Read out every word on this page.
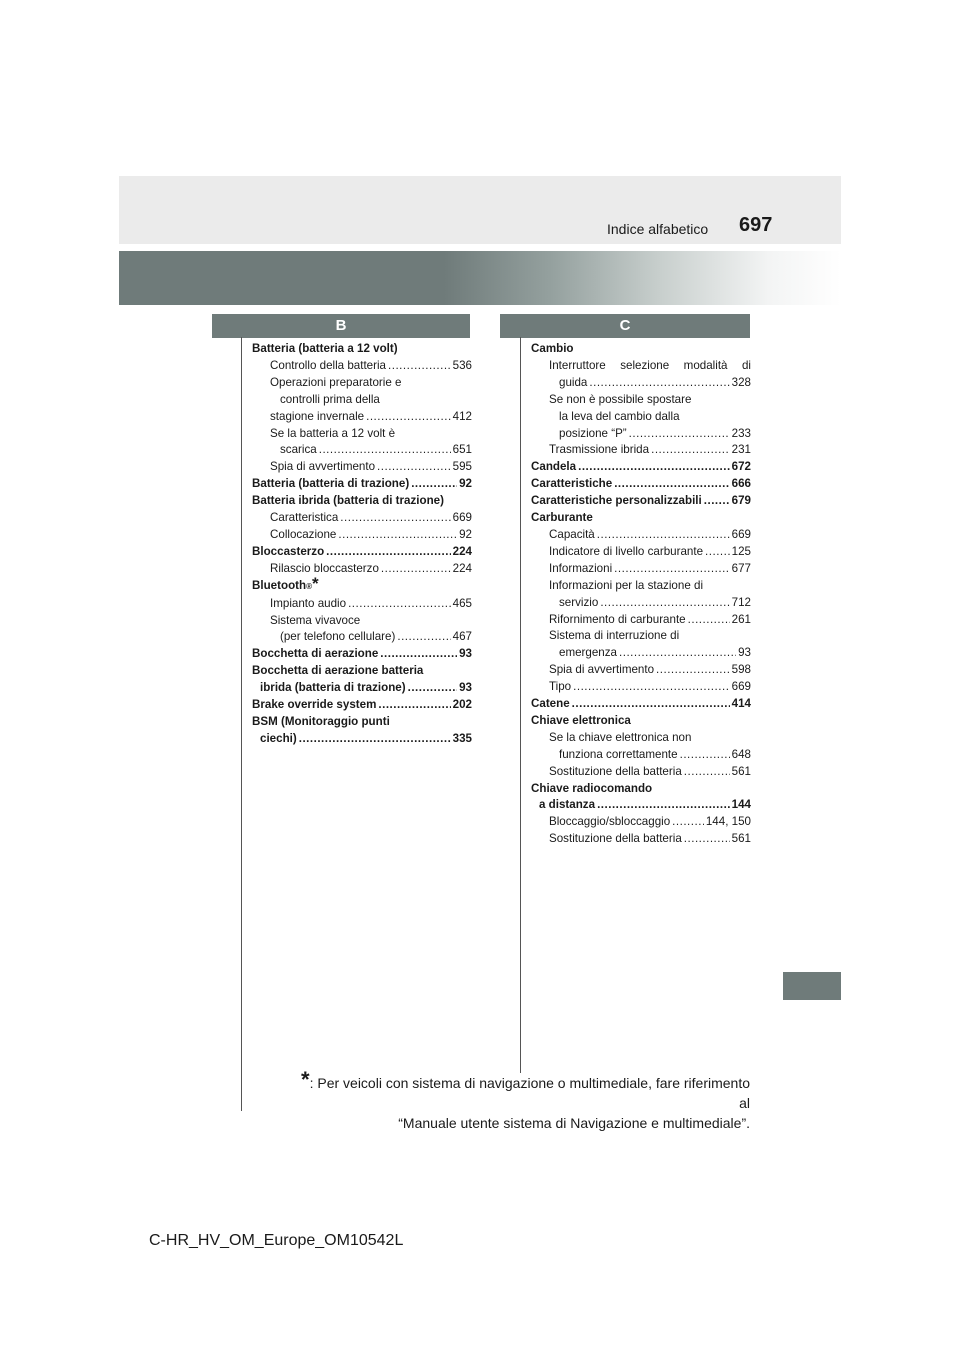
697
Indice alfabetico
B	C
Batteria (batteria a 12 volt)
Controllo della batteria .....	536
Operazioni preparatorie e
controlli prima della
stagione invernale .....	412
Se la batteria a 12 volt è
scarica .....	651
Spia di avvertimento .....	595
Batteria (batteria di trazione) .....	92
Batteria ibrida (batteria di trazione)
Caratteristica .....	669
Collocazione .....	92
Bloccasterzo .....	224
Rilascio bloccasterzo .....	224
Bluetooth ® *
Impianto audio .....	465
Sistema vivavoce
(per telefono cellulare) .....	467
Bocchetta di aerazione .....	93
Bocchetta di aerazione batteria
ibrida (batteria di trazione) .....	93
Brake override system .....	202
BSM (Monitoraggio punti
ciechi) .....	335
Cambio
Interruttore selezione modalità di
guida .....	328
Se non è possibile spostare
la leva del cambio dalla
posizione “P” .....	233
Trasmissione ibrida .....	231
Candela .....	672
Caratteristiche .....	666
Caratteristiche personalizzabili .....	679
Carburante
Capacità .....	669
Indicatore di livello carburante ..... 125
Informazioni .....	677
Informazioni per la stazione di
servizio .....	712
Rifornimento di carburante .....	261
Sistema di interruzione di
emergenza .....	93
Spia di avvertimento .....	598
Tipo .....	669
Catene .....	414
Chiave elettronica
Se la chiave elettronica non
funziona correttamente .....	648
Sostituzione della batteria .....	561
Chiave radiocomando
a distanza .....	144
Bloccaggio/sbloccaggio .....	144, 150
Sostituzione della batteria .....	561
*: Per veicoli con sistema di navigazione o multimediale, fare riferimento al
“Manuale utente sistema di Navigazione e multimediale”.
C-HR_HV_OM_Europe_OM10542L
